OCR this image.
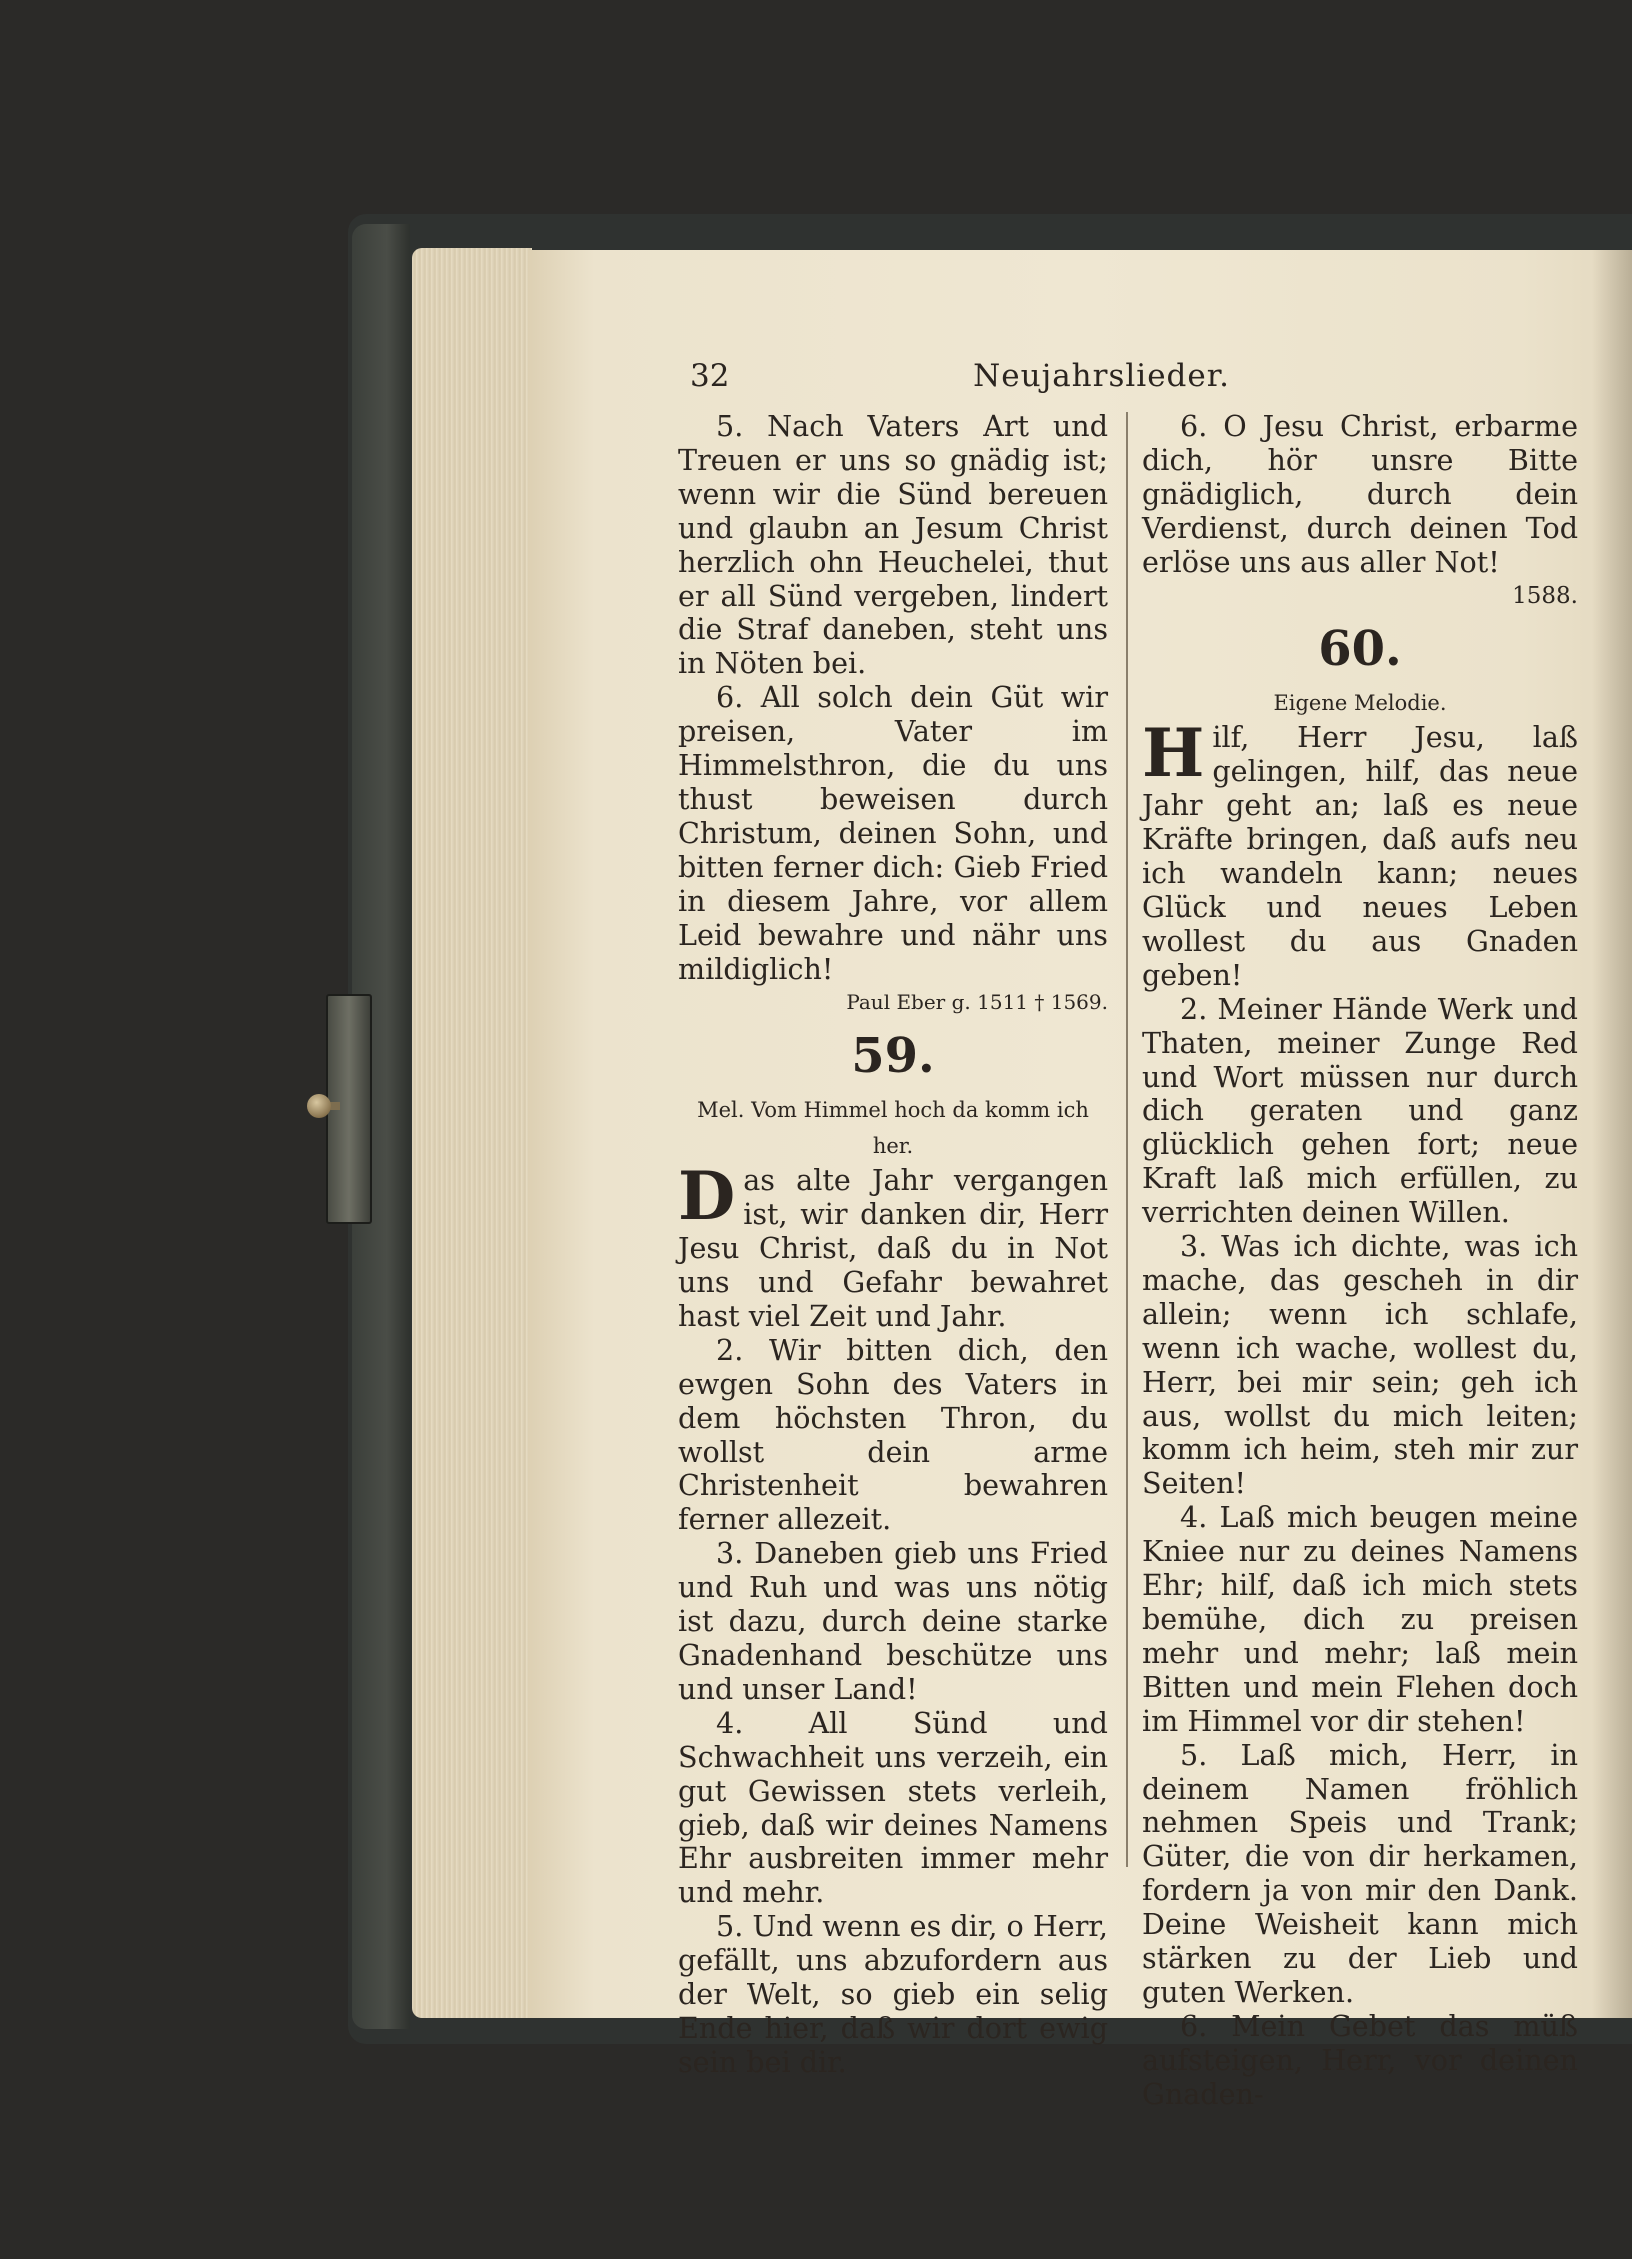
32	Neujahrslieder.

5. Nach Vaters Art und Treuen er uns so gnädig ist; wenn wir die Sünd bereuen und glaubn an Jesum Christ herzlich ohn Heuchelei, thut er all Sünd vergeben, lindert die Straf daneben, steht uns in Nöten bei.

6. All solch dein Güt wir preisen, Vater im Himmelsthron, die du uns thust beweisen durch Christum, deinen Sohn, und bitten ferner dich: Gieb Fried in diesem Jahre, vor allem Leid bewahre und nähr uns mildiglich!

Paul Eber g. 1511 † 1569.

59.

Mel. Vom Himmel hoch da komm ich her.

Das alte Jahr vergangen ist, wir danken dir, Herr Jesu Christ, daß du in Not uns und Gefahr bewahret hast viel Zeit und Jahr.

2. Wir bitten dich, den ewgen Sohn des Vaters in dem höchsten Thron, du wollst dein arme Christenheit bewahren ferner allezeit.

3. Daneben gieb uns Fried und Ruh und was uns nötig ist dazu, durch deine starke Gnadenhand beschütze uns und unser Land!

4. All Sünd und Schwachheit uns verzeih, ein gut Gewissen stets verleih, gieb, daß wir deines Namens Ehr ausbreiten immer mehr und mehr.

5. Und wenn es dir, o Herr, gefällt, uns abzufordern aus der Welt, so gieb ein selig Ende hier, daß wir dort ewig sein bei dir.

6. O Jesu Christ, erbarme dich, hör unsre Bitte gnädiglich, durch dein Verdienst, durch deinen Tod erlöse uns aus aller Not!

1588.

60.

Eigene Melodie.

Hilf, Herr Jesu, laß gelingen, hilf, das neue Jahr geht an; laß es neue Kräfte bringen, daß aufs neu ich wandeln kann; neues Glück und neues Leben wollest du aus Gnaden geben!

2. Meiner Hände Werk und Thaten, meiner Zunge Red und Wort müssen nur durch dich geraten und ganz glücklich gehen fort; neue Kraft laß mich erfüllen, zu verrichten deinen Willen.

3. Was ich dichte, was ich mache, das gescheh in dir allein; wenn ich schlafe, wenn ich wache, wollest du, Herr, bei mir sein; geh ich aus, wollst du mich leiten; komm ich heim, steh mir zur Seiten!

4. Laß mich beugen meine Kniee nur zu deines Namens Ehr; hilf, daß ich mich stets bemühe, dich zu preisen mehr und mehr; laß mein Bitten und mein Flehen doch im Himmel vor dir stehen!

5. Laß mich, Herr, in deinem Namen fröhlich nehmen Speis und Trank; Güter, die von dir herkamen, fordern ja von mir den Dank. Deine Weisheit kann mich stärken zu der Lieb und guten Werken.

6. Mein Gebet das müß aufsteigen, Herr, vor deinen Gnaden-
